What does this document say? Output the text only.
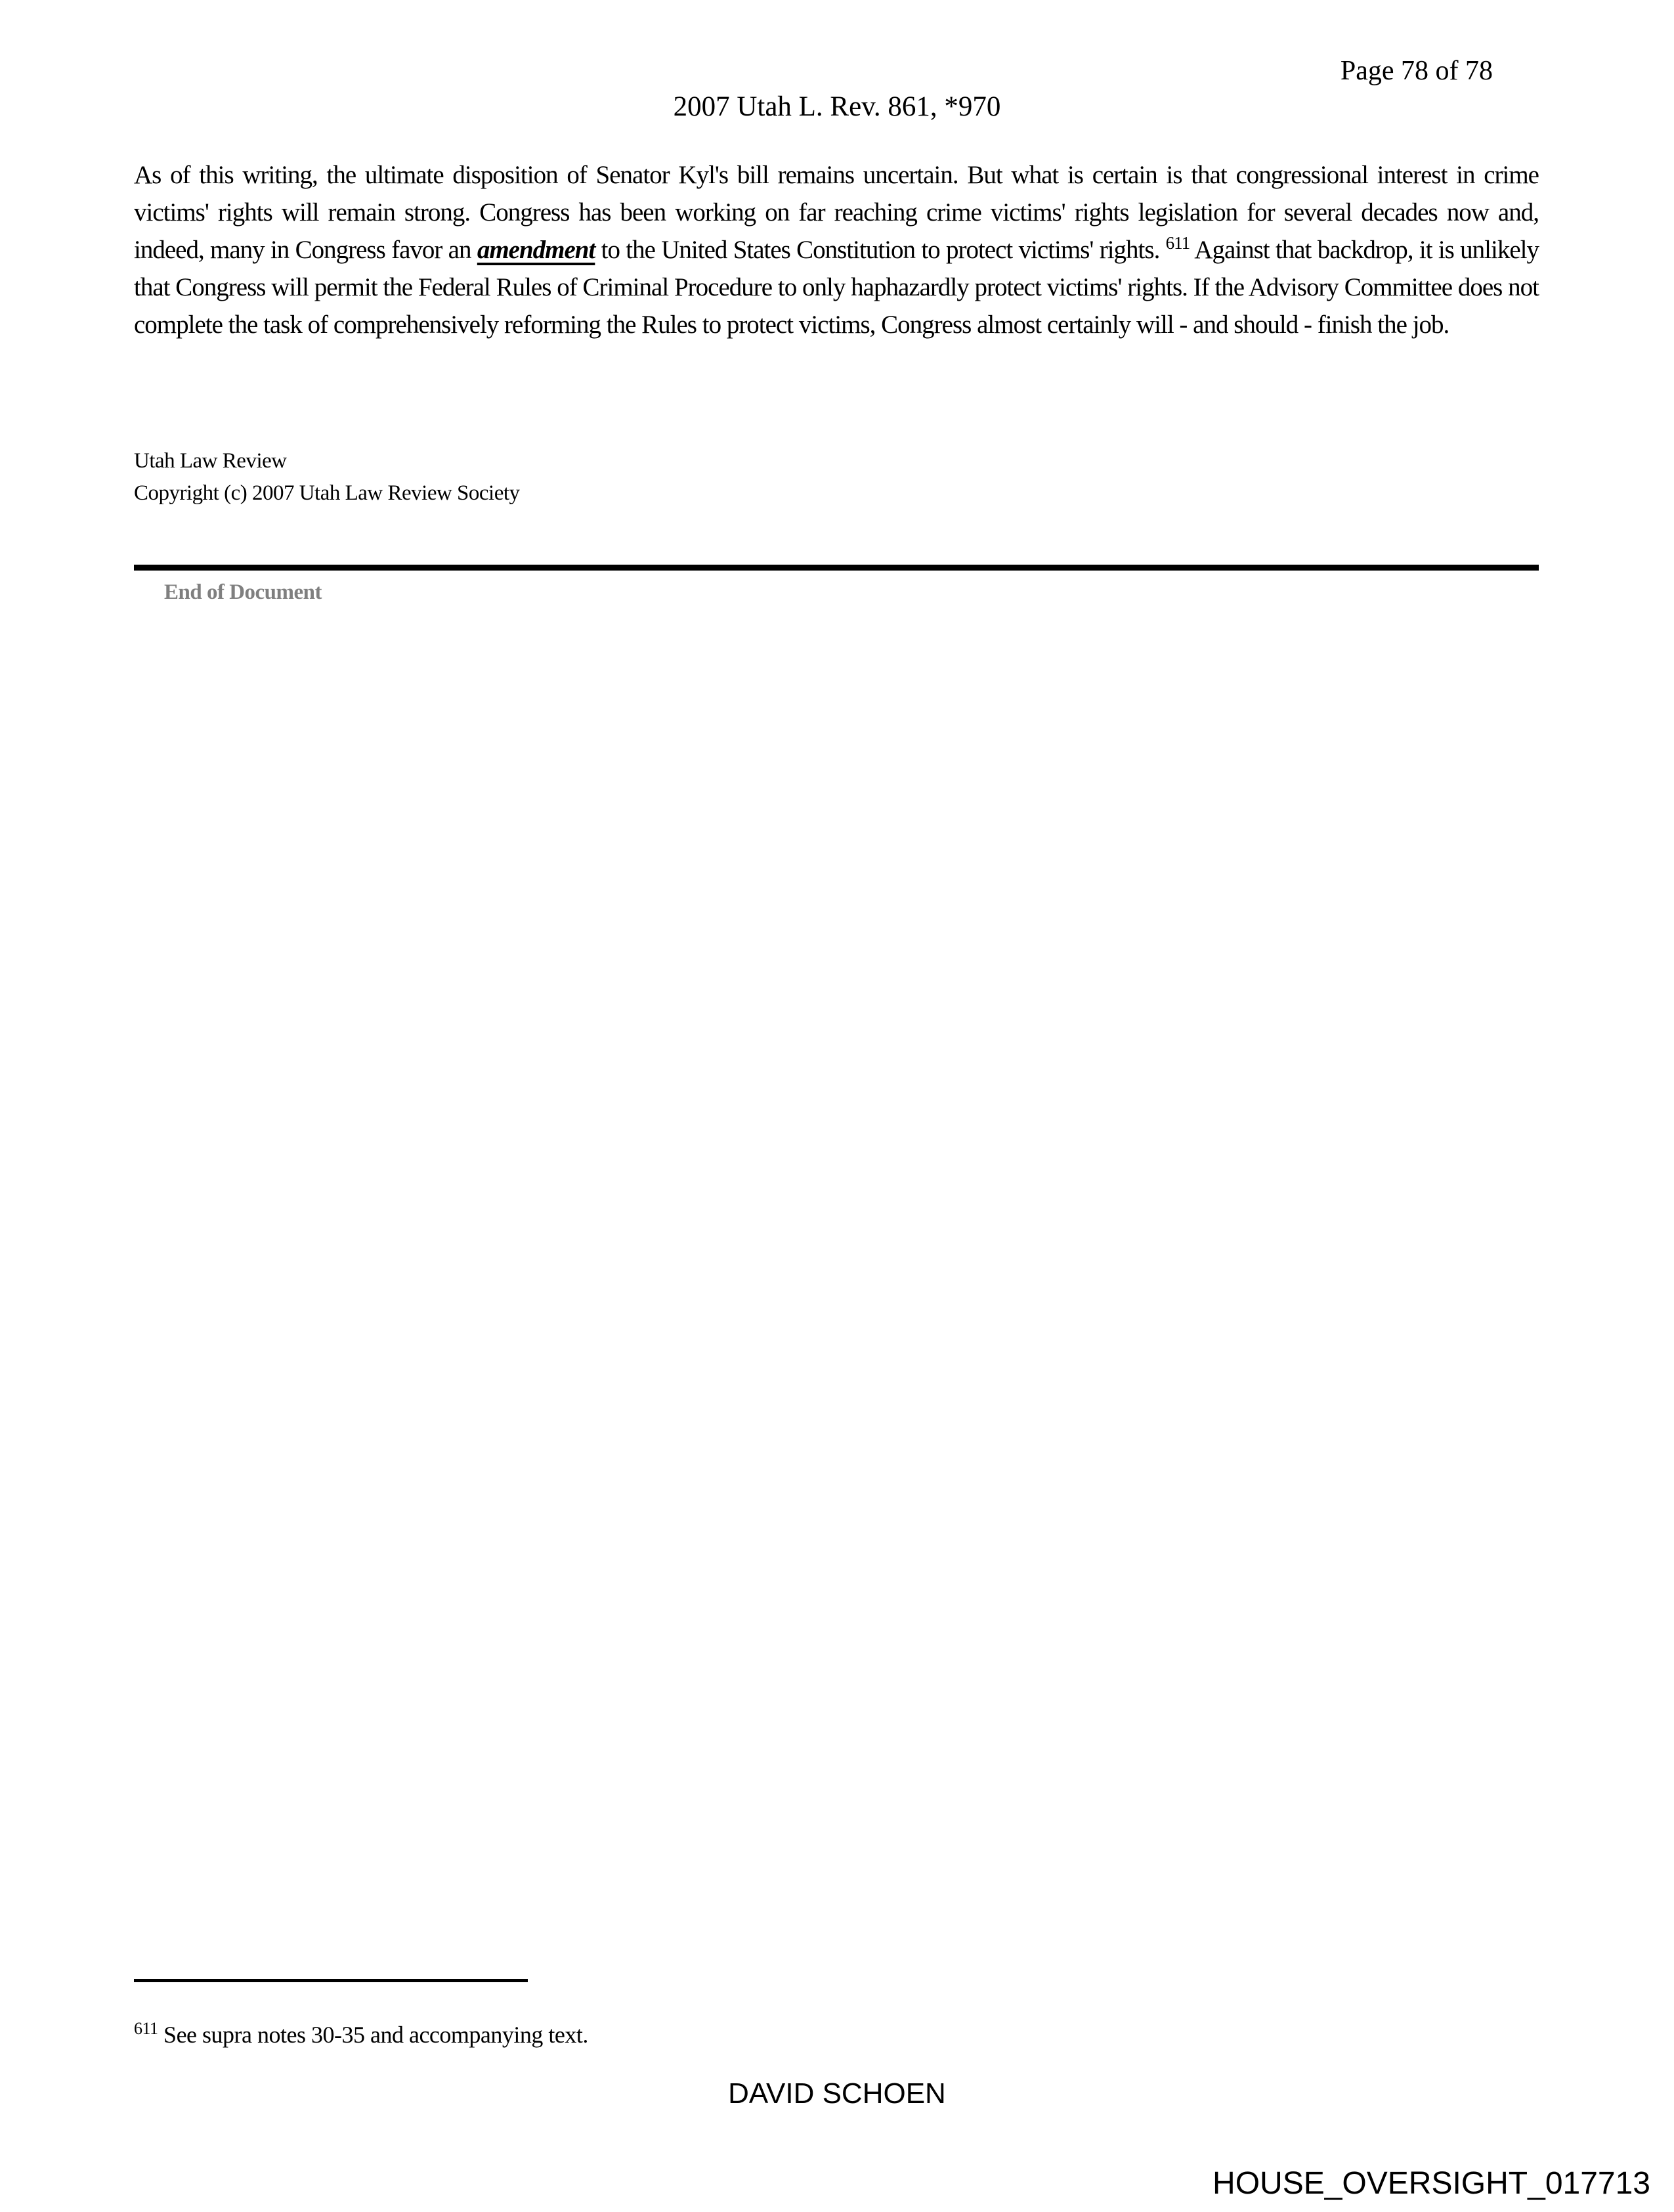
Page 78 of 78
2007 Utah L. Rev. 861, *970

As of this writing, the ultimate disposition of Senator Kyl's bill remains uncertain. But what is certain is that congressional interest in crime victims' rights will remain strong. Congress has been working on far reaching crime victims' rights legislation for several decades now and, indeed, many in Congress favor an amendment to the United States Constitution to protect victims' rights. $^{611}$ Against that backdrop, it is unlikely that Congress will permit the Federal Rules of Criminal Procedure to only haphazardly protect victims' rights. If the Advisory Committee does not complete the task of comprehensively reforming the Rules to protect victims, Congress almost certainly will - and should - finish the job.

Utah Law Review
Copyright (c) 2007 Utah Law Review Society
End of Document

$^{611}$ See supra notes 30-35 and accompanying text.

DAVID SCHOEN
HOUSE_OVERSIGHT_017713
